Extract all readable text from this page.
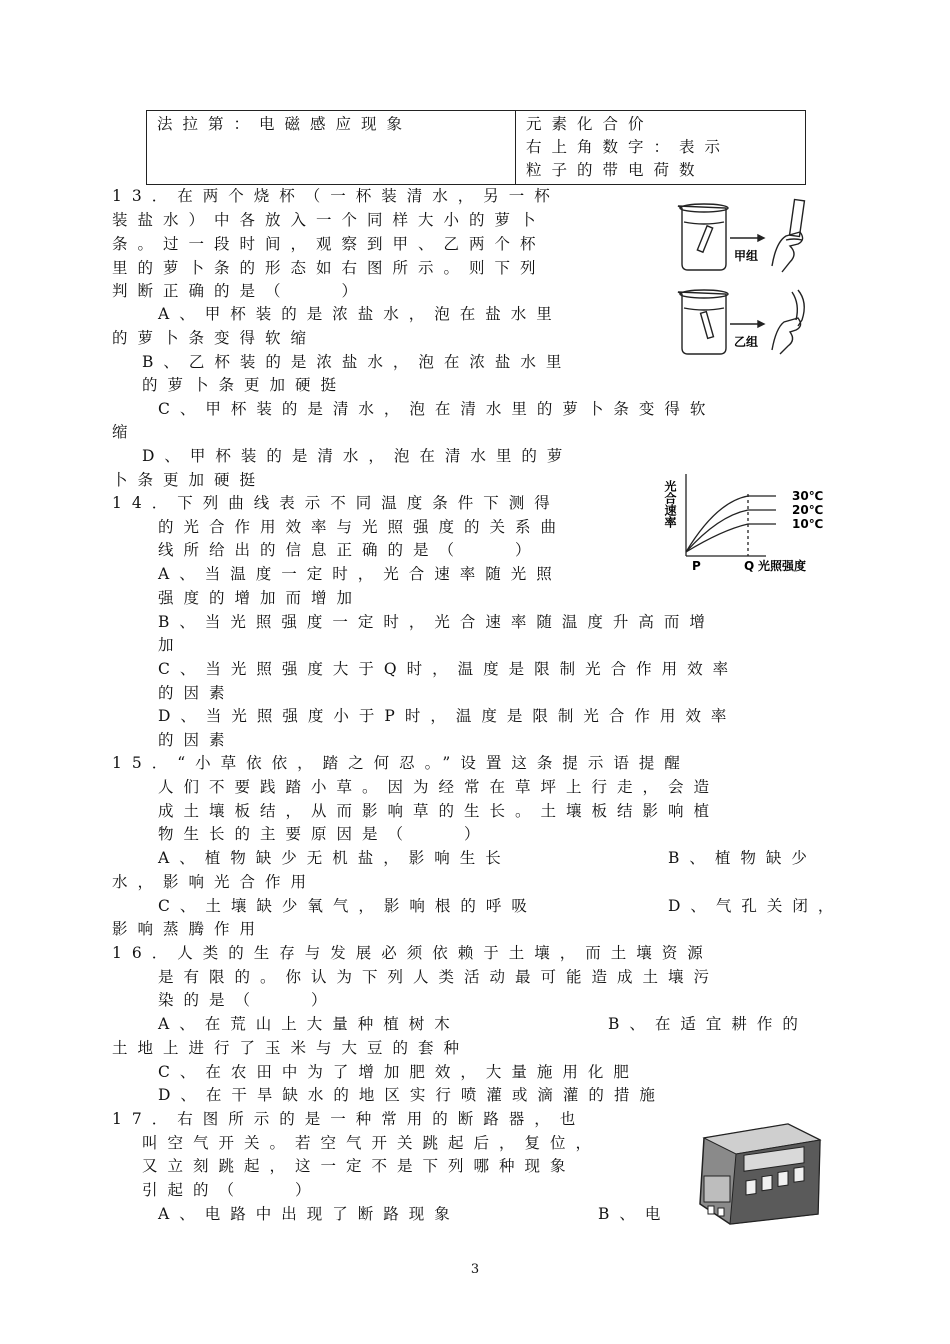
法拉第：电磁感应现象	元素化合价
右上角数字：表示
粒子的带电荷数
13．在两个烧杯（一杯装清水，另一杯
装盐水）中各放入一个同样大小的萝卜
条。过一段时间，观察到甲、乙两个杯
里的萝卜条的形态如右图所示。则下列
判断正确的是（　　）
A、甲杯装的是浓盐水，泡在盐水里
的萝卜条变得软缩
B、乙杯装的是浓盐水，泡在浓盐水里
的萝卜条更加硬挺
C、甲杯装的是清水，泡在清水里的萝卜条变得软
缩
D、甲杯装的是清水，泡在清水里的萝
卜条更加硬挺
14．下列曲线表示不同温度条件下测得
的光合作用效率与光照强度的关系曲
线所给出的信息正确的是（　　）
A、当温度一定时，光合速率随光照
强度的增加而增加
B、当光照强度一定时，光合速率随温度升高而增
加
C、当光照强度大于Q时，温度是限制光合作用效率
的因素
D、当光照强度小于P时，温度是限制光合作用效率
的因素
15．“小草依依，踏之何忍。”设置这条提示语提醒
人们不要践踏小草。因为经常在草坪上行走，会造
成土壤板结，从而影响草的生长。土壤板结影响植
物生长的主要原因是（　　）
A、植物缺少无机盐，影响生长	B、植物缺少
水，影响光合作用
C、土壤缺少氧气，影响根的呼吸	D、气孔关闭，
影响蒸腾作用
16．人类的生存与发展必须依赖于土壤，而土壤资源
是有限的。你认为下列人类活动最可能造成土壤污
染的是（　　）
A、在荒山上大量种植树木	B、在适宜耕作的
土地上进行了玉米与大豆的套种
C、在农田中为了增加肥效，大量施用化肥
D、在干旱缺水的地区实行喷灌或滴灌的措施
17．右图所示的是一种常用的断路器，也
叫空气开关。若空气开关跳起后，复位，
又立刻跳起，这一定不是下列哪种现象
引起的（　　）
A、电路中出现了断路现象	B、电
甲组
乙组
光合速率
P	Q 光照强度
30℃
20℃
10℃
3
